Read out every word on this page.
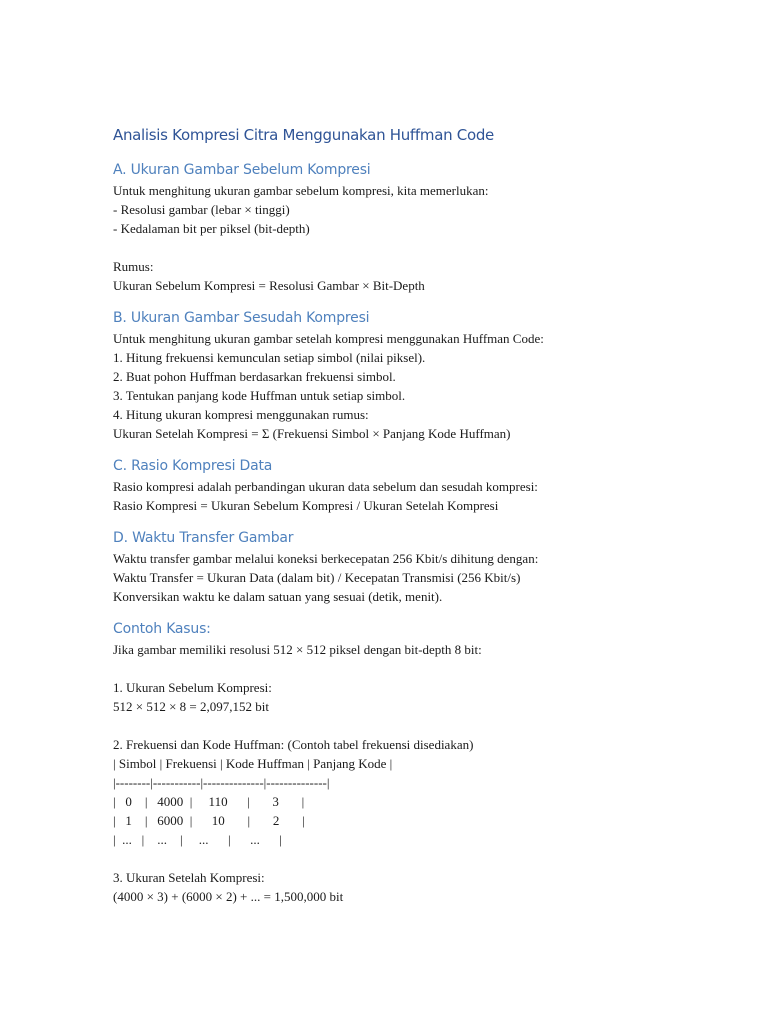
Analisis Kompresi Citra Menggunakan Huffman Code
A. Ukuran Gambar Sebelum Kompresi
Untuk menghitung ukuran gambar sebelum kompresi, kita memerlukan:
- Resolusi gambar (lebar × tinggi)
- Kedalaman bit per piksel (bit-depth)
Rumus:
Ukuran Sebelum Kompresi = Resolusi Gambar × Bit-Depth
B. Ukuran Gambar Sesudah Kompresi
Untuk menghitung ukuran gambar setelah kompresi menggunakan Huffman Code:
1. Hitung frekuensi kemunculan setiap simbol (nilai piksel).
2. Buat pohon Huffman berdasarkan frekuensi simbol.
3. Tentukan panjang kode Huffman untuk setiap simbol.
4. Hitung ukuran kompresi menggunakan rumus:
Ukuran Setelah Kompresi = Σ (Frekuensi Simbol × Panjang Kode Huffman)
C. Rasio Kompresi Data
Rasio kompresi adalah perbandingan ukuran data sebelum dan sesudah kompresi:
Rasio Kompresi = Ukuran Sebelum Kompresi / Ukuran Setelah Kompresi
D. Waktu Transfer Gambar
Waktu transfer gambar melalui koneksi berkecepatan 256 Kbit/s dihitung dengan:
Waktu Transfer = Ukuran Data (dalam bit) / Kecepatan Transmisi (256 Kbit/s)
Konversikan waktu ke dalam satuan yang sesuai (detik, menit).
Contoh Kasus:
Jika gambar memiliki resolusi 512 × 512 piksel dengan bit-depth 8 bit:
1. Ukuran Sebelum Kompresi:
512 × 512 × 8 = 2,097,152 bit
2. Frekuensi dan Kode Huffman: (Contoh tabel frekuensi disediakan)
| Simbol | Frekuensi | Kode Huffman | Panjang Kode |
|--------|-----------|--------------|--------------|
|   0    |   4000  |     110      |       3       |
|   1    |   6000  |      10       |       2       |
|  ...   |    ...    |     ...      |      ...      |
3. Ukuran Setelah Kompresi:
(4000 × 3) + (6000 × 2) + ... = 1,500,000 bit
